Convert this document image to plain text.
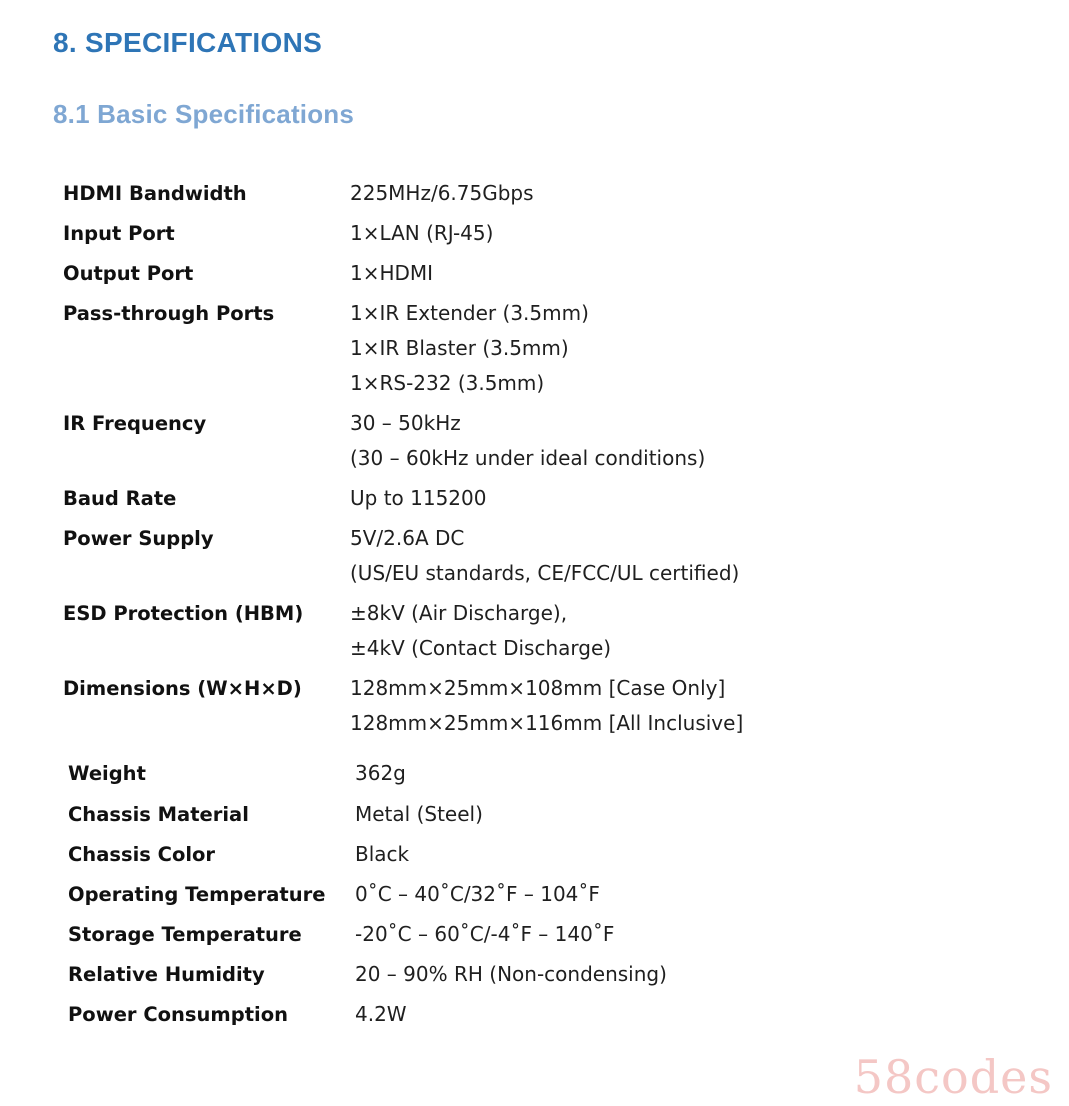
8. SPECIFICATIONS
8.1 Basic Specifications
HDMI Bandwidth	225MHz/6.75Gbps
Input Port	1×LAN (RJ-45)
Output Port	1×HDMI
Pass-through Ports	1×IR Extender (3.5mm)
1×IR Blaster (3.5mm)
1×RS-232 (3.5mm)
IR Frequency	30 – 50kHz
(30 – 60kHz under ideal conditions)
Baud Rate	Up to 115200
Power Supply	5V/2.6A DC
(US/EU standards, CE/FCC/UL certified)
ESD Protection (HBM) ±8kV (Air Discharge),
±4kV (Contact Discharge)
Dimensions (W×H×D) 128mm×25mm×108mm [Case Only]
128mm×25mm×116mm [All Inclusive]
Weight	362g
Chassis Material	Metal (Steel)
Chassis Color	Black
Operating Temperature 0˚C – 40˚C/32˚F – 104˚F
Storage Temperature	-20˚C – 60˚C/-4˚F – 140˚F
Relative Humidity	20 – 90% RH (Non-condensing)
Power Consumption	4.2W
58codes
